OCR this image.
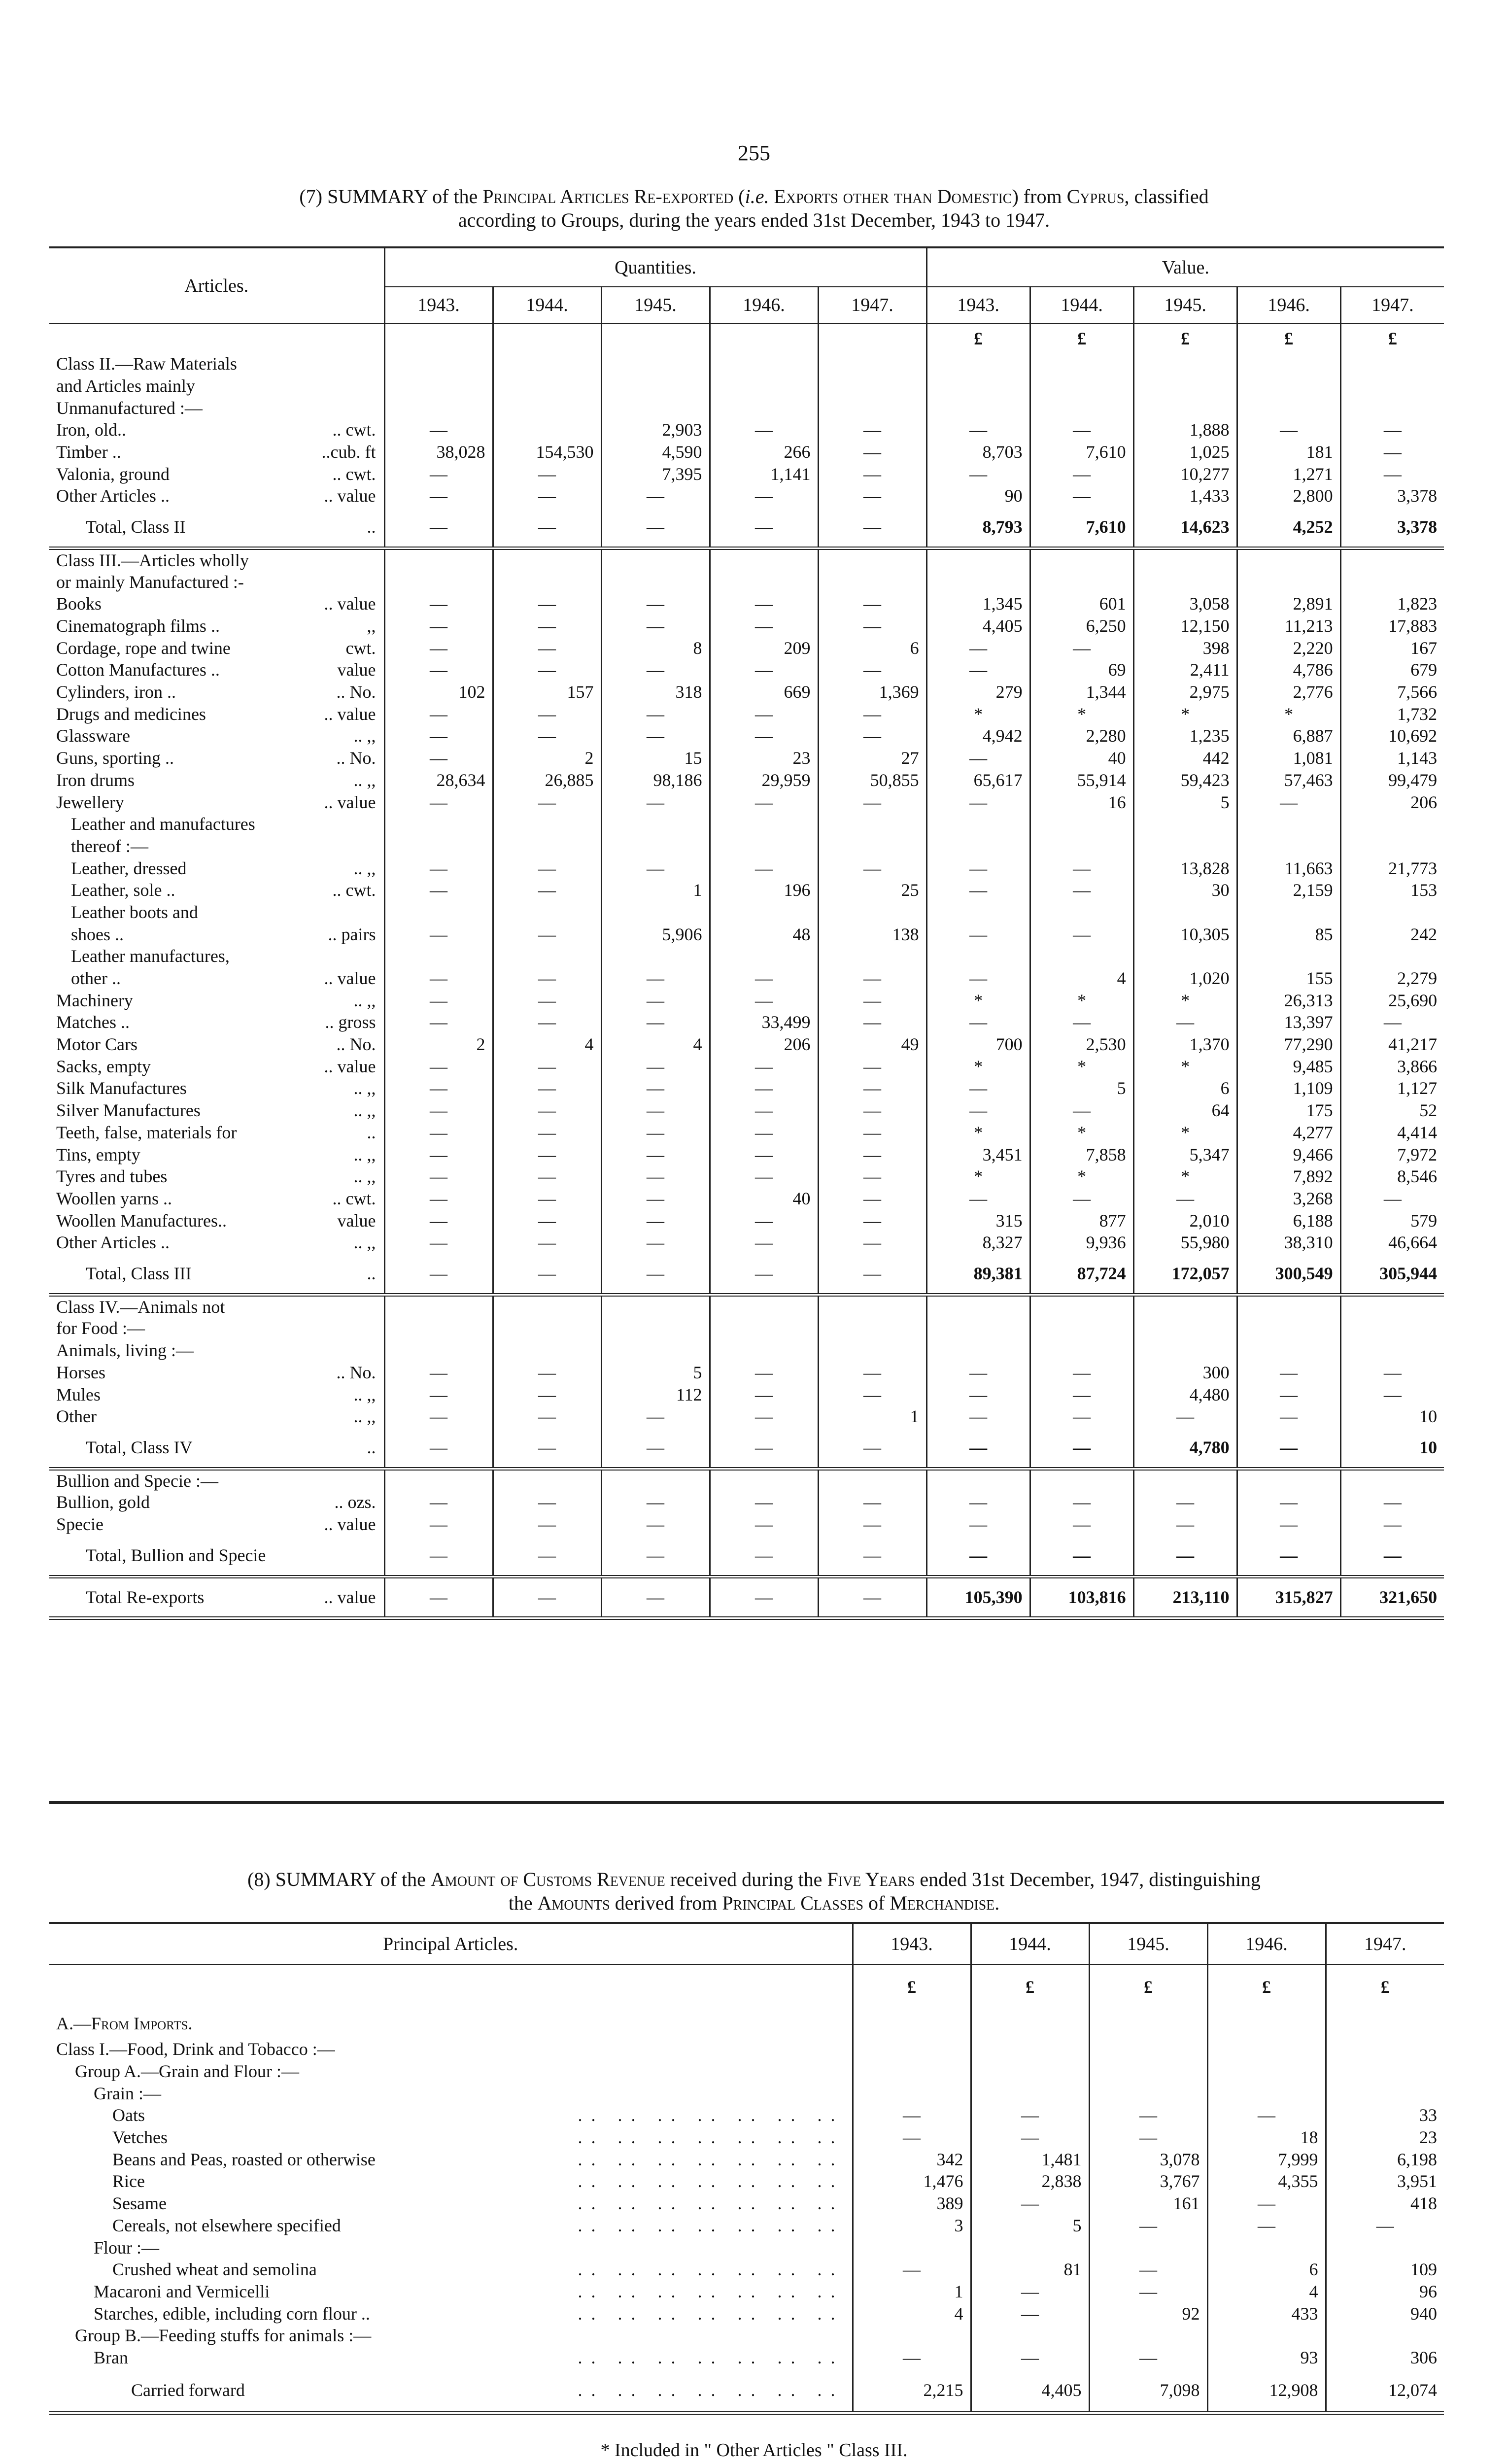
255
(7) SUMMARY of the Principal Articles Re-exported (i.e. Exports other than Domestic) from Cyprus, classified
according to Groups, during the years ended 31st December, 1943 to 1947.
Articles.	Quantities.					Value.				
	1943.	1944.	1945.	1946.	1947.	1943.	1944.	1945.	1946.	1947.
						£	£	£	£	£
Class II.—Raw Materials										
and Articles mainly										
Unmanufactured :—										
Iron, old.. .. cwt.	—		2,903	—	—	—	—	1,888	—	—
Timber .. ..cub. ft	38,028	154,530	4,590	266	—	8,703	7,610	1,025	181	—
Valonia, ground .. cwt.	—	—	7,395	1,141	—	—	—	10,277	1,271	—
Other Articles .. .. value	—	—	—	—	—	90	—	1,433	2,800	3,378
Total, Class II ..	—	—	—	—	—	8,793	7,610	14,623	4,252	3,378
Class III.—Articles wholly										
or mainly Manufactured :-										
Books .. value	—	—	—	—	—	1,345	601	3,058	2,891	1,823
Cinematograph films .. ,,	—	—	—	—	—	4,405	6,250	12,150	11,213	17,883
Cordage, rope and twine cwt.	—	—	8	209	6	—	—	398	2,220	167
Cotton Manufactures .. value	—	—	—	—	—	—	69	2,411	4,786	679
Cylinders, iron .. .. No.	102	157	318	669	1,369	279	1,344	2,975	2,776	7,566
Drugs and medicines .. value	—	—	—	—	—	*	*	*	*	1,732
Glassware .. ,,	—	—	—	—	—	4,942	2,280	1,235	6,887	10,692
Guns, sporting .. .. No.	—	2	15	23	27	—	40	442	1,081	1,143
Iron drums .. ,,	28,634	26,885	98,186	29,959	50,855	65,617	55,914	59,423	57,463	99,479
Jewellery .. value	—	—	—	—	—	—	16	5	—	206
Leather and manufactures										
thereof :—										
Leather, dressed .. ,,	—	—	—	—	—	—	—	13,828	11,663	21,773
Leather, sole .. .. cwt.	—	—	1	196	25	—	—	30	2,159	153
Leather boots and										
shoes .. .. pairs	—	—	5,906	48	138	—	—	10,305	85	242
Leather manufactures,										
other .. .. value	—	—	—	—	—	—	4	1,020	155	2,279
Machinery .. ,,	—	—	—	—	—	*	*	*	26,313	25,690
Matches .. .. gross	—	—	—	33,499	—	—	—	—	13,397	—
Motor Cars .. No.	2	4	4	206	49	700	2,530	1,370	77,290	41,217
Sacks, empty .. value	—	—	—	—	—	*	*	*	9,485	3,866
Silk Manufactures .. ,,	—	—	—	—	—	—	5	6	1,109	1,127
Silver Manufactures .. ,,	—	—	—	—	—	—	—	64	175	52
Teeth, false, materials for ..	—	—	—	—	—	*	*	*	4,277	4,414
Tins, empty .. ,,	—	—	—	—	—	3,451	7,858	5,347	9,466	7,972
Tyres and tubes .. ,,	—	—	—	—	—	*	*	*	7,892	8,546
Woollen yarns .. .. cwt.	—	—	—	40	—	—	—	—	3,268	—
Woollen Manufactures.. value	—	—	—	—	—	315	877	2,010	6,188	579
Other Articles .. .. ,,	—	—	—	—	—	8,327	9,936	55,980	38,310	46,664
Total, Class III ..	—	—	—	—	—	89,381	87,724	172,057	300,549	305,944
Class IV.—Animals not										
for Food :—										
Animals, living :—										
Horses .. No.	—	—	5	—	—	—	—	300	—	—
Mules .. ,,	—	—	112	—	—	—	—	4,480	—	—
Other .. ,,	—	—	—	—	1	—	—	—	—	10
Total, Class IV ..	—	—	—	—	—	—	—	4,780	—	10
Bullion and Specie :—										
Bullion, gold .. ozs.	—	—	—	—	—	—	—	—	—	—
Specie .. value	—	—	—	—	—	—	—	—	—	—
Total, Bullion and Specie	—	—	—	—	—	—	—	—	—	—
Total Re-exports .. value	—	—	—	—	—	105,390	103,816	213,110	315,827	321,650
(8) SUMMARY of the Amount of Customs Revenue received during the Five Years ended 31st December, 1947, distinguishing
the Amounts derived from Principal Classes of Merchandise.
Principal Articles.	1943.	1944.	1945.	1946.	1947.
	£	£	£	£	£
A.—From Imports.					
Class I.—Food, Drink and Tobacco :—					
Group A.—Grain and Flour :—					
Grain :—					
Oats .. .. .. .. .. .. ..	—	—	—	—	33
Vetches .. .. .. .. .. .. ..	—	—	—	18	23
Beans and Peas, roasted or otherwise .. .. .. .. .. .. ..	342	1,481	3,078	7,999	6,198
Rice .. .. .. .. .. .. ..	1,476	2,838	3,767	4,355	3,951
Sesame .. .. .. .. .. .. ..	389	—	161	—	418
Cereals, not elsewhere specified .. .. .. .. .. .. ..	3	5	—	—	—
Flour :—					
Crushed wheat and semolina .. .. .. .. .. .. ..	—	81	—	6	109
Macaroni and Vermicelli .. .. .. .. .. .. ..	1	—	—	4	96
Starches, edible, including corn flour .. .. .. .. .. .. .. ..	4	—	92	433	940
Group B.—Feeding stuffs for animals :—					
Bran .. .. .. .. .. .. ..	—	—	—	93	306
Carried forward .. .. .. .. .. .. ..	2,215	4,405	7,098	12,908	12,074
* Included in " Other Articles " Class III.
